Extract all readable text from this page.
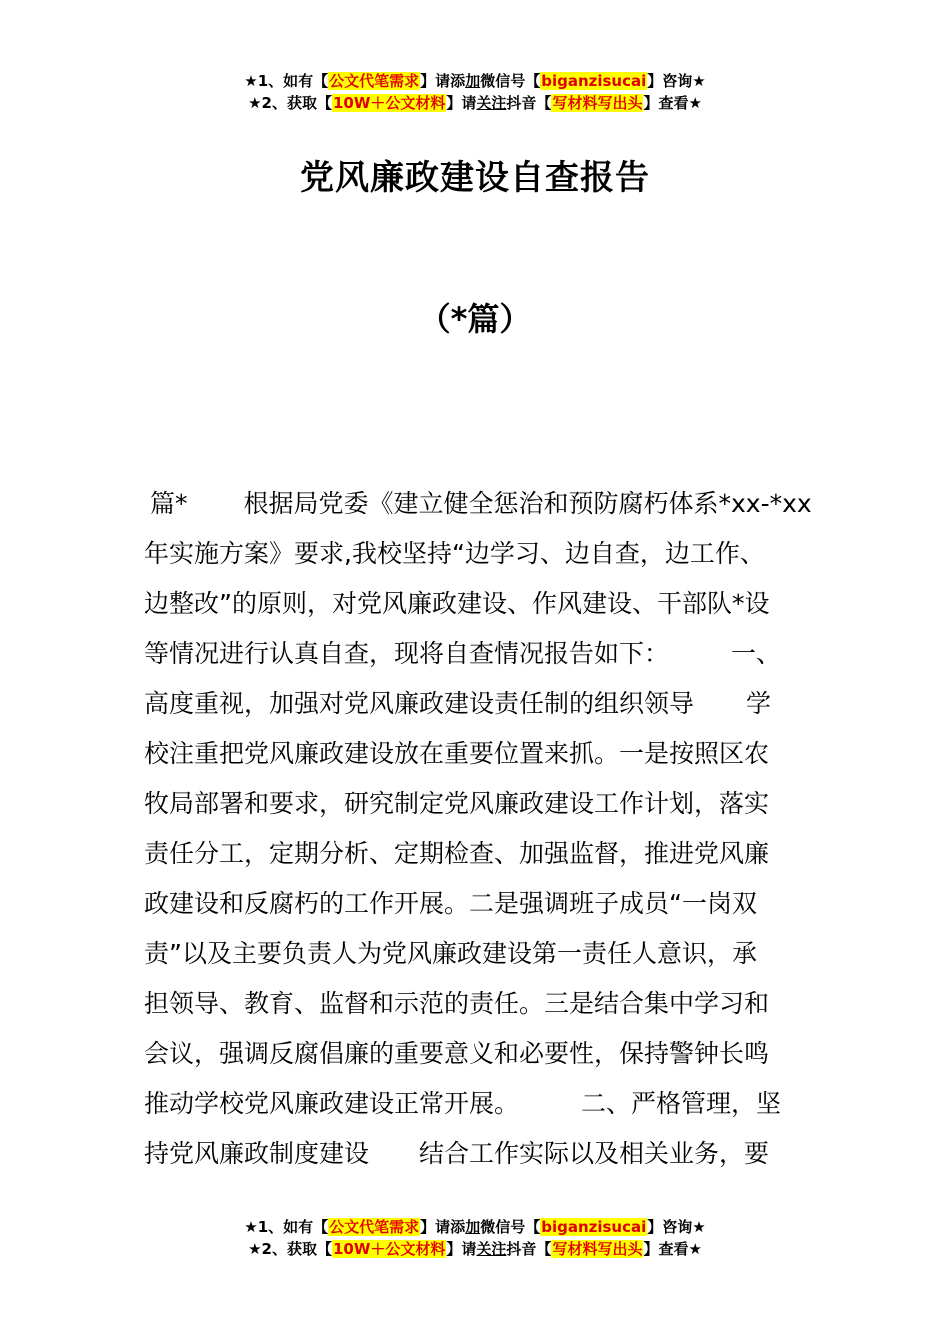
★1、如有【公文代笔需求】请添加微信号【biganzisucai】咨询★
★2、获取【10W＋公文材料】请关注抖音【写材料写出头】查看★
党风廉政建设自查报告
（*篇）
篇* 根据局党委《建立健全惩治和预防腐朽体系*xx-*xx
年实施方案》要求,我校坚持“边学习、边自查，边工作、
边整改”的原则，对党风廉政建设、作风建设、干部队*设
等情况进行认真自查，现将自查情况报告如下： 一、
高度重视，加强对党风廉政建设责任制的组织领导 学
校注重把党风廉政建设放在重要位置来抓。一是按照区农
牧局部署和要求，研究制定党风廉政建设工作计划，落实
责任分工，定期分析、定期检查、加强监督，推进党风廉
政建设和反腐朽的工作开展。二是强调班子成员“一岗双
责”以及主要负责人为党风廉政建设第一责任人意识，承
担领导、教育、监督和示范的责任。三是结合集中学习和
会议，强调反腐倡廉的重要意义和必要性，保持警钟长鸣
推动学校党风廉政建设正常开展。 二、严格管理，坚
持党风廉政制度建设 结合工作实际以及相关业务，要
★1、如有【公文代笔需求】请添加微信号【biganzisucai】咨询★
★2、获取【10W＋公文材料】请关注抖音【写材料写出头】查看★
